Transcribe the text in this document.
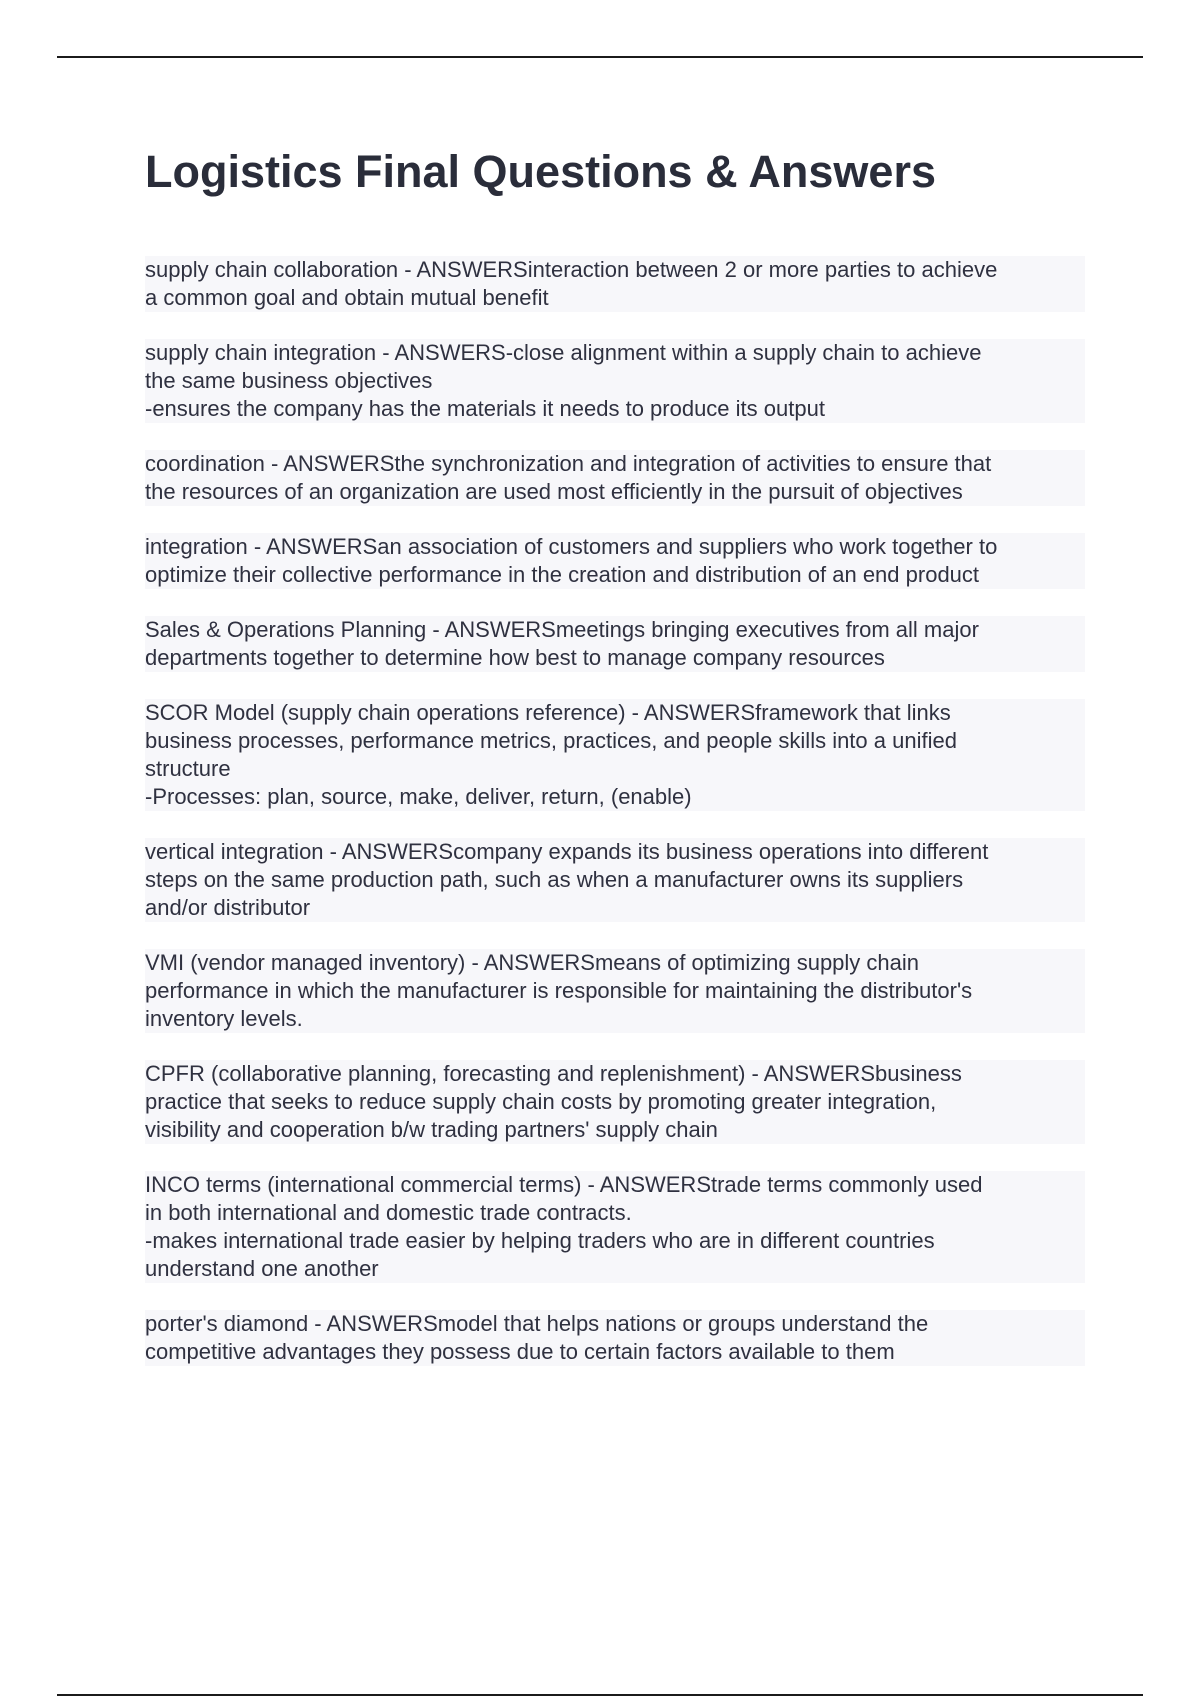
Logistics Final Questions & Answers
supply chain collaboration - ANSWERSinteraction between 2 or more parties to achieve
a common goal and obtain mutual benefit
supply chain integration - ANSWERS-close alignment within a supply chain to achieve
the same business objectives
-ensures the company has the materials it needs to produce its output
coordination - ANSWERSthe synchronization and integration of activities to ensure that
the resources of an organization are used most efficiently in the pursuit of objectives
integration - ANSWERSan association of customers and suppliers who work together to
optimize their collective performance in the creation and distribution of an end product
Sales & Operations Planning - ANSWERSmeetings bringing executives from all major
departments together to determine how best to manage company resources
SCOR Model (supply chain operations reference) - ANSWERSframework that links
business processes, performance metrics, practices, and people skills into a unified
structure
-Processes: plan, source, make, deliver, return, (enable)
vertical integration - ANSWERScompany expands its business operations into different
steps on the same production path, such as when a manufacturer owns its suppliers
and/or distributor
VMI (vendor managed inventory) - ANSWERSmeans of optimizing supply chain
performance in which the manufacturer is responsible for maintaining the distributor's
inventory levels.
CPFR (collaborative planning, forecasting and replenishment) - ANSWERSbusiness
practice that seeks to reduce supply chain costs by promoting greater integration,
visibility and cooperation b/w trading partners' supply chain
INCO terms (international commercial terms) - ANSWERStrade terms commonly used
in both international and domestic trade contracts.
-makes international trade easier by helping traders who are in different countries
understand one another
porter's diamond - ANSWERSmodel that helps nations or groups understand the
competitive advantages they possess due to certain factors available to them
